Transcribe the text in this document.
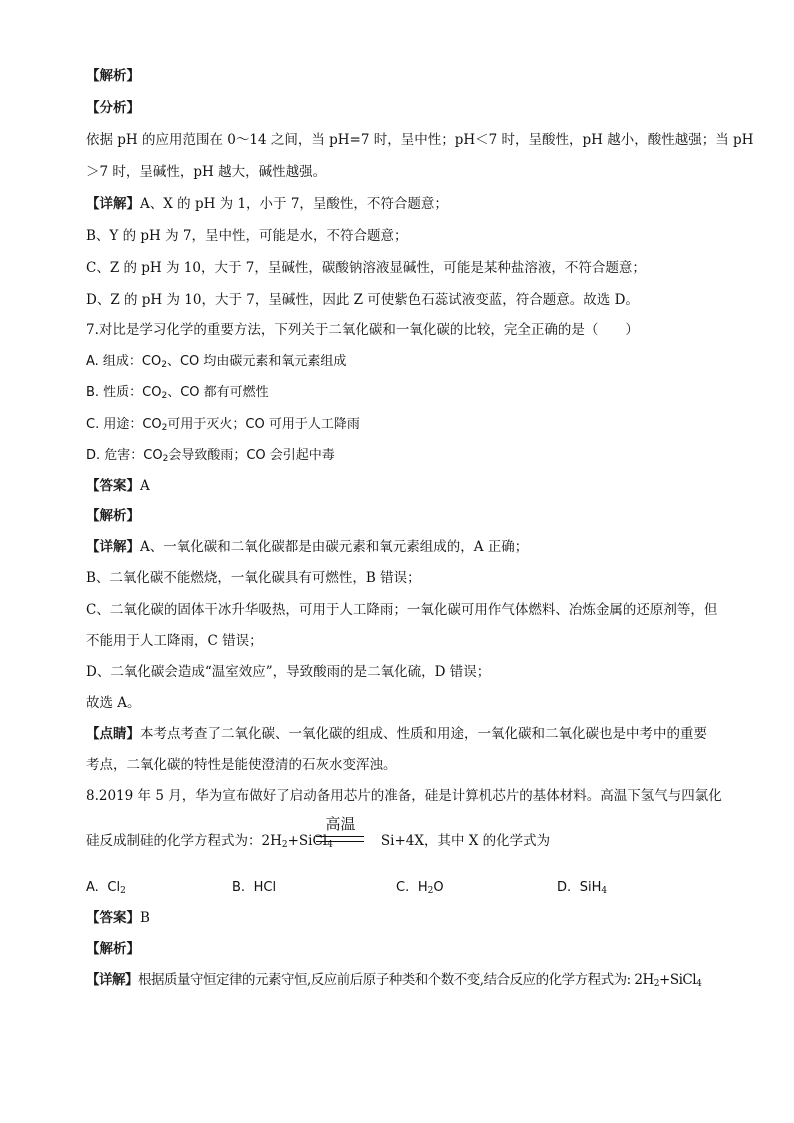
【解析】
【分析】
依据 pH 的应用范围在 0～14 之间，当 pH=7 时，呈中性；pH＜7 时，呈酸性，pH 越小，酸性越强；当 pH
＞7 时，呈碱性，pH 越大，碱性越强。
【详解】A、X 的 pH 为 1，小于 7，呈酸性，不符合题意；
B、Y 的 pH 为 7，呈中性，可能是水，不符合题意；
C、Z 的 pH 为 10，大于 7，呈碱性，碳酸钠溶液显碱性，可能是某种盐溶液，不符合题意；
D、Z 的 pH 为 10，大于 7，呈碱性，因此 Z 可使紫色石蕊试液变蓝，符合题意。故选 D。
7.对比是学习化学的重要方法，下列关于二氧化碳和一氧化碳的比较，完全正确的是（　　）
A. 组成：$CO_2$、CO 均由碳元素和氧元素组成
B. 性质：$CO_2$、CO 都有可燃性
C. 用途：$CO_2$可用于灭火；CO 可用于人工降雨
D. 危害：$CO_2$会导致酸雨；CO 会引起中毒
【答案】A
【解析】
【详解】A、一氧化碳和二氧化碳都是由碳元素和氧元素组成的，A 正确；
B、二氧化碳不能燃烧，一氧化碳具有可燃性，B 错误；
C、二氧化碳的固体干冰升华吸热，可用于人工降雨；一氧化碳可用作气体燃料、冶炼金属的还原剂等，但
不能用于人工降雨，C 错误；
D、二氧化碳会造成“温室效应”，导致酸雨的是二氧化硫，D 错误；
故选 A。
【点睛】本考点考查了二氧化碳、一氧化碳的组成、性质和用途，一氧化碳和二氧化碳也是中考中的重要
考点，二氧化碳的特性是能使澄清的石灰水变浑浊。
8.2019 年 5 月，华为宣布做好了启动备用芯片的准备，硅是计算机芯片的基体材料。高温下氢气与四氯化
高温
硅反成制硅的化学方程式为：$2H_2+SiCl_4$	Si+4X，其中 X 的化学式为
A. $Cl_2$	B. HCl	C. $H_2O$	D. SiH$_4$
【答案】B
【解析】
【详解】根据质量守恒定律的元素守恒,反应前后原子种类和个数不变,结合反应的化学方程式为: $2H_2+SiCl_4$
